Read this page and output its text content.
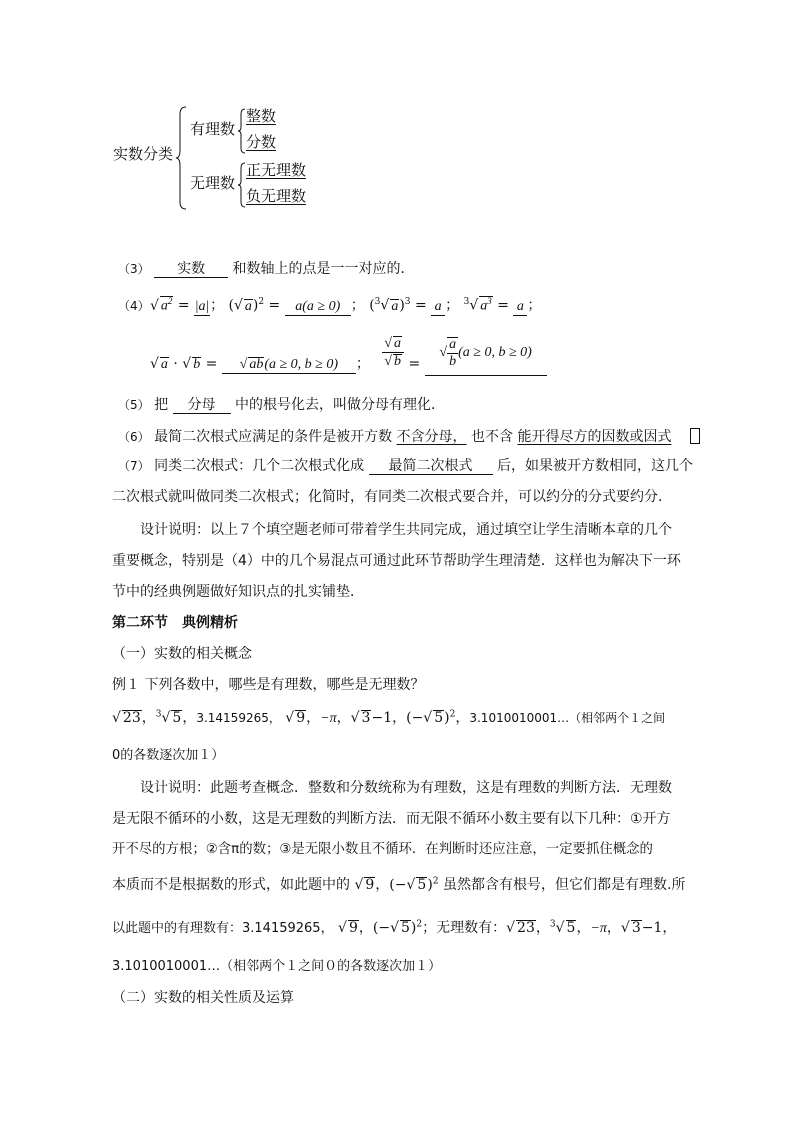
实数分类
有理数
整数
分数
无理数
正无理数
负无理数
（3） 实数 和数轴上的点是一一对应的．
（4） √ $a^2 = |a|$； (√ a)$^2$ = a(a ≥ 0) ； ($^3$√ a)$^3$ = a ； $^3$√ $a^3 = a$ ；
√ a · √ b = √ ab(a ≥ 0, b ≥ 0) ； $\frac{√ a}{√ b}$ = √ $\frac{a}{b} (a \ge 0$, b ≥ 0)
（5） 把 分母 中的根号化去，叫做分母有理化．
（6） 最简二次根式应满足的条件是被开方数 不含分母， 也不含 能开得尽方的因数或因式
（7） 同类二次根式：几个二次根式化成 最简二次根式 后，如果被开方数相同，这几个
二次根式就叫做同类二次根式；化简时，有同类二次根式要合并，可以约分的分式要约分．
设计说明：以上７个填空题老师可带着学生共同完成，通过填空让学生清晰本章的几个
重要概念，特别是（4）中的几个易混点可通过此环节帮助学生理清楚．这样也为解决下一环
节中的经典例题做好知识点的扎实铺垫．
第二环节　典例精析
（一）实数的相关概念
例１ 下列各数中，哪些是有理数，哪些是无理数？
√ 23，$^3$√ 5，3.14159265， √ 9，−π，√ 3−1，(−√ 5)$^2$，3.1010010001…（相邻两个１之间
0的各数逐次加１）
设计说明：此题考查概念．整数和分数统称为有理数，这是有理数的判断方法．无理数
是无限不循环的小数，这是无理数的判断方法．而无限不循环小数主要有以下几种：①开方
开不尽的方根；②含π的数；③是无限小数且不循环．在判断时还应注意，一定要抓住概念的
本质而不是根据数的形式，如此题中的 √ 9，(−√ 5)$^2$ 虽然都含有根号，但它们都是有理数.所
以此题中的有理数有：3.14159265， √ 9，(−√ 5)$^2$；无理数有：√ 23，$^3$√ 5，−π，√ 3−1，
3.1010010001…（相邻两个１之间０的各数逐次加１）
（二）实数的相关性质及运算
